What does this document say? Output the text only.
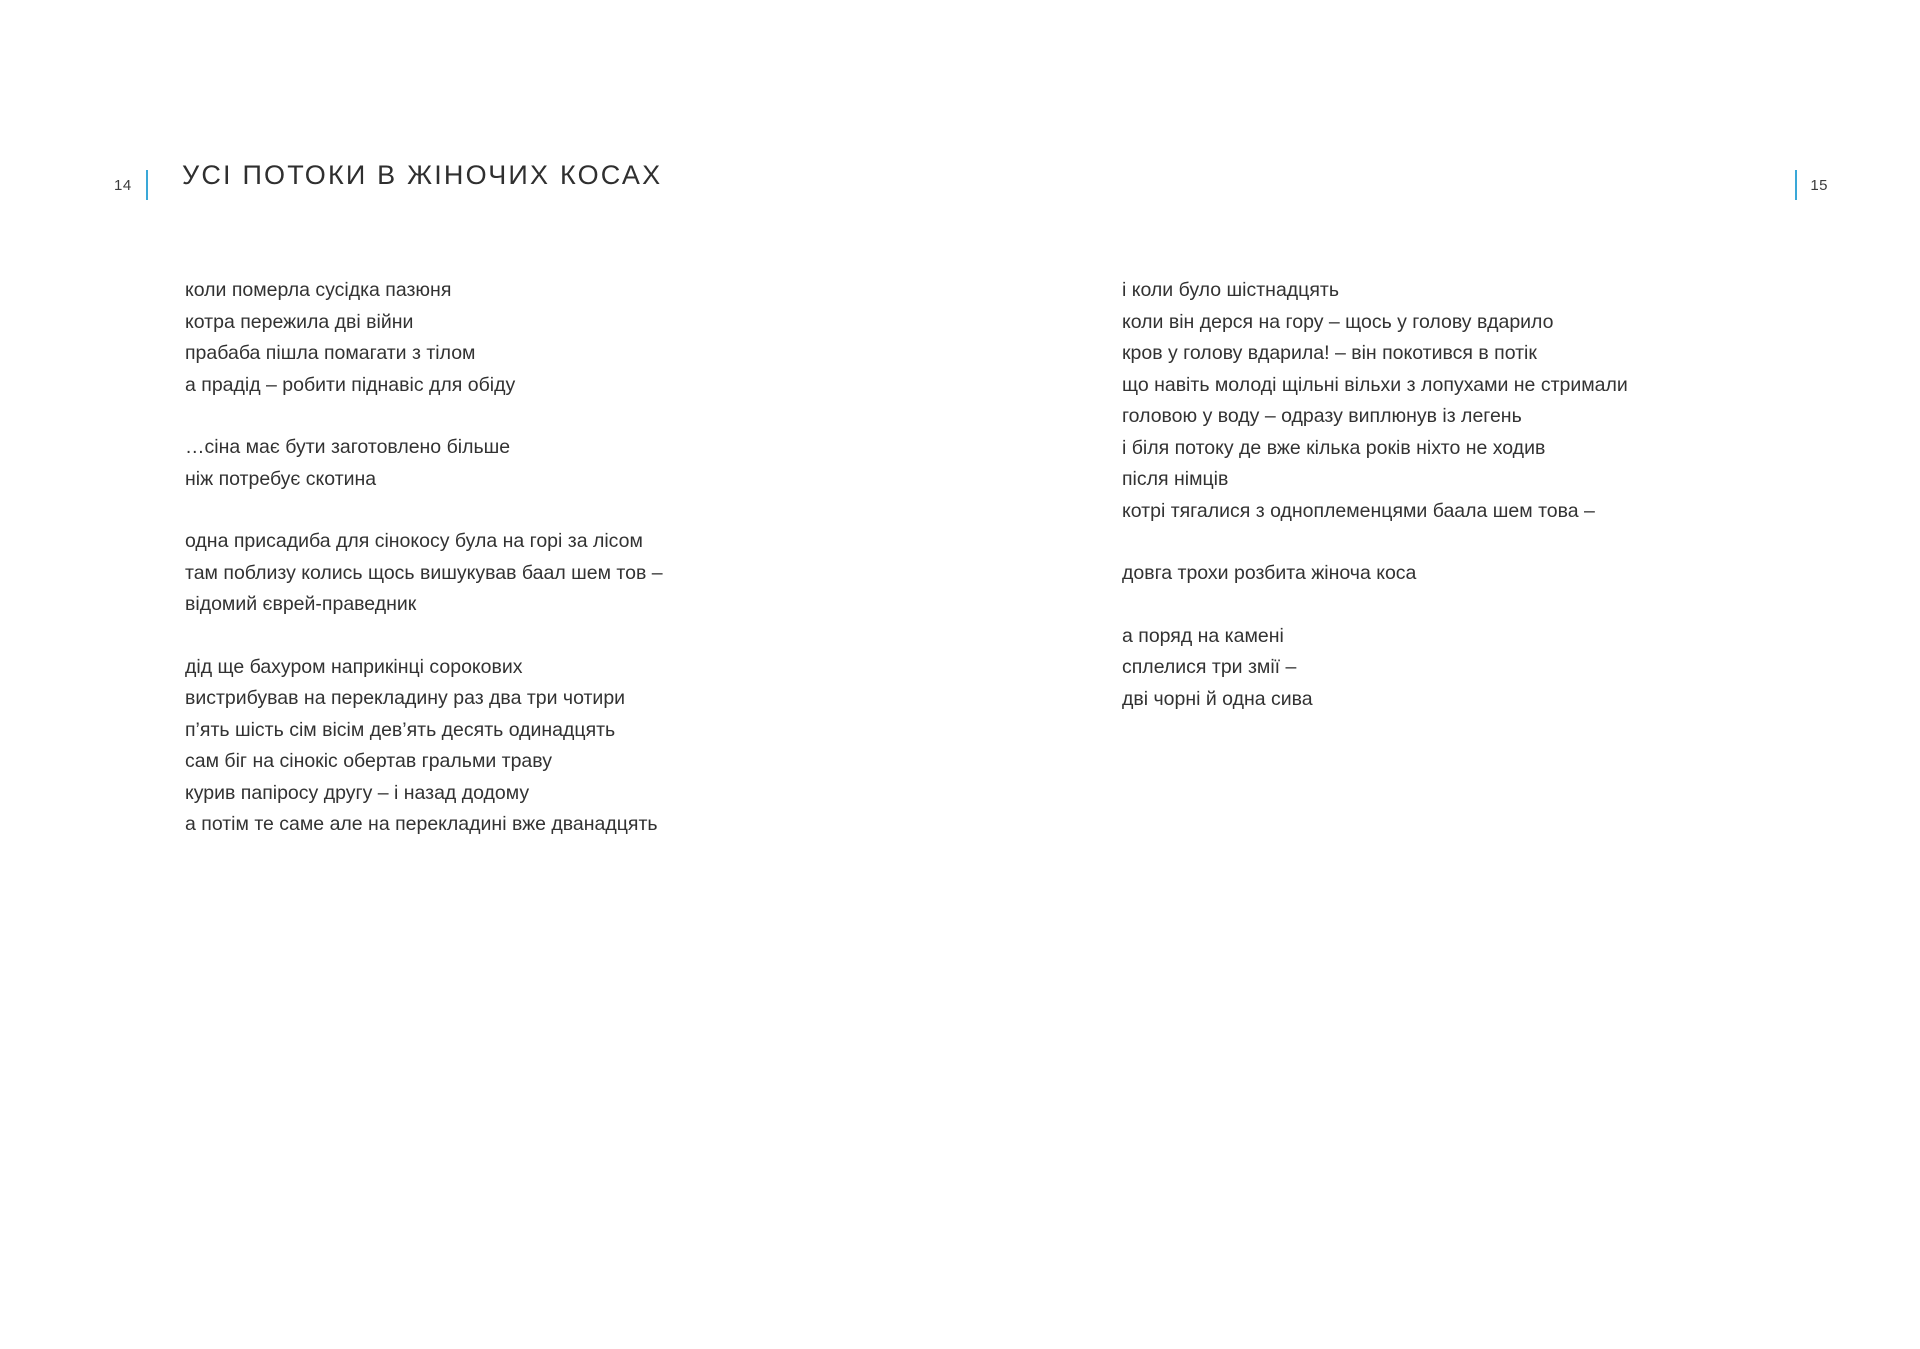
14 УСІ ПОТОКИ В ЖІНОЧИХ КОСАХ	15
коли померла сусідка пазюня
котра пережила дві війни
прабаба пішла помагати з тілом
а прадід – робити піднавіс для обіду
…сіна має бути заготовлено більше
ніж потребує скотина
одна присадиба для сінокосу була на горі за лісом
там поблизу колись щось вишукував баал шем тов –
відомий єврей-праведник
дід ще бахуром наприкінці сорокових
вистрибував на перекладину раз два три чотири
п’ять шість сім вісім дев’ять десять одинадцять
сам біг на сінокіс обертав гральми траву
курив папіросу другу – і назад додому
а потім те саме але на перекладині вже дванадцять
і коли було шістнадцять
коли він дерся на гору – щось у голову вдарило
кров у голову вдарила! – він покотився в потік
що навіть молоді щільні вільхи з лопухами не стримали
головою у воду – одразу виплюнув із легень
і біля потоку де вже кілька років ніхто не ходив
після німців
котрі тягалися з одноплеменцями баала шем това –
довга трохи розбита жіноча коса
а поряд на камені
сплелися три змії –
дві чорні й одна сива
